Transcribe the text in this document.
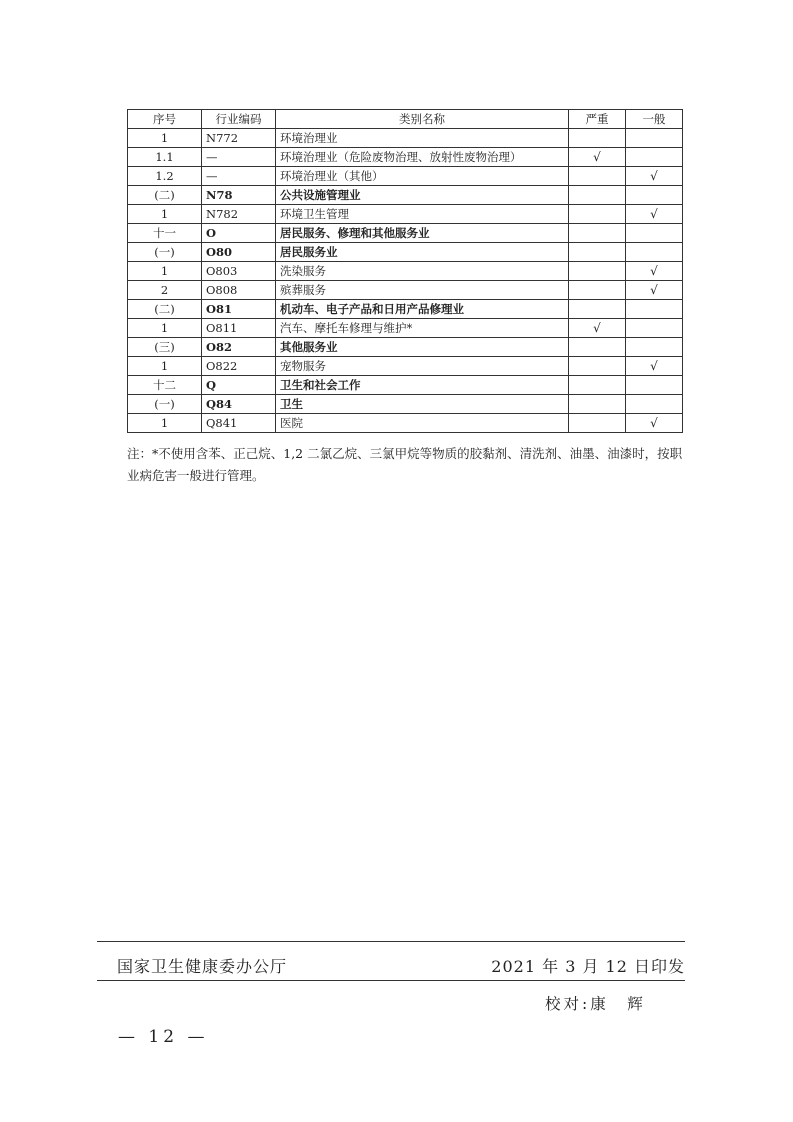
序号	行业编码	类别名称	严重	一般
1	N772	环境治理业		
1.1	—	环境治理业（危险废物治理、放射性废物治理）	√	
1.2	—	环境治理业（其他）		√
(二)	N78	公共设施管理业		
1	N782	环境卫生管理		√
十一	O	居民服务、修理和其他服务业		
(一)	O80	居民服务业		
1	O803	洗染服务		√
2	O808	殡葬服务		√
(二)	O81	机动车、电子产品和日用产品修理业		
1	O811	汽车、摩托车修理与维护*	√	
(三)	O82	其他服务业		
1	O822	宠物服务		√
十二	Q	卫生和社会工作		
(一)	Q84	卫生		
1	Q841	医院		√
注：*不使用含苯、正己烷、1,2 二氯乙烷、三氯甲烷等物质的胶黏剂、清洗剂、油墨、油漆时，按职业病危害一般进行管理。
国家卫生健康委办公厅	2021 年 3 月 12 日印发
校对:康　辉
— 12 —
